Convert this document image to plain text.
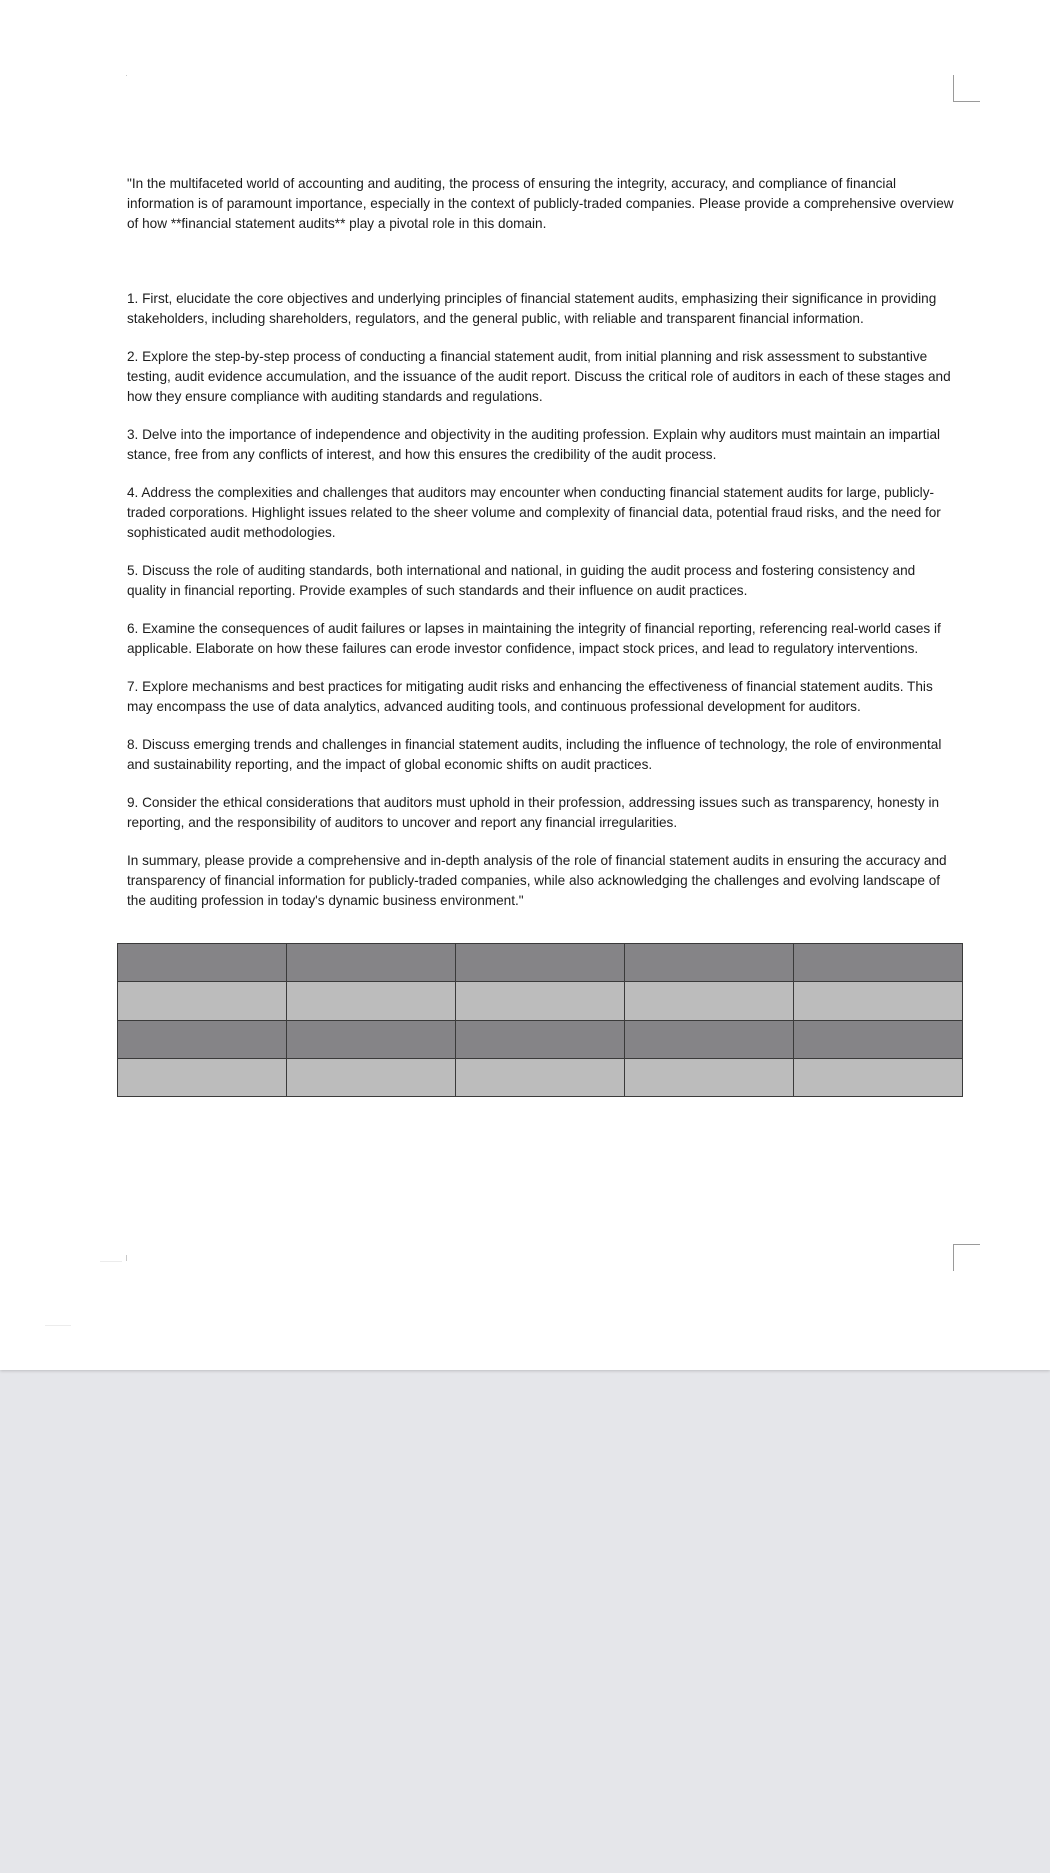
"In the multifaceted world of accounting and auditing, the process of ensuring the integrity, accuracy, and compliance of financial information is of paramount importance, especially in the context of publicly-traded companies. Please provide a comprehensive overview of how **financial statement audits** play a pivotal role in this domain.

1. First, elucidate the core objectives and underlying principles of financial statement audits, emphasizing their significance in providing stakeholders, including shareholders, regulators, and the general public, with reliable and transparent financial information.

2. Explore the step-by-step process of conducting a financial statement audit, from initial planning and risk assessment to substantive testing, audit evidence accumulation, and the issuance of the audit report. Discuss the critical role of auditors in each of these stages and how they ensure compliance with auditing standards and regulations.

3. Delve into the importance of independence and objectivity in the auditing profession. Explain why auditors must maintain an impartial stance, free from any conflicts of interest, and how this ensures the credibility of the audit process.

4. Address the complexities and challenges that auditors may encounter when conducting financial statement audits for large, publicly-traded corporations. Highlight issues related to the sheer volume and complexity of financial data, potential fraud risks, and the need for sophisticated audit methodologies.

5. Discuss the role of auditing standards, both international and national, in guiding the audit process and fostering consistency and quality in financial reporting. Provide examples of such standards and their influence on audit practices.

6. Examine the consequences of audit failures or lapses in maintaining the integrity of financial reporting, referencing real-world cases if applicable. Elaborate on how these failures can erode investor confidence, impact stock prices, and lead to regulatory interventions.

7. Explore mechanisms and best practices for mitigating audit risks and enhancing the effectiveness of financial statement audits. This may encompass the use of data analytics, advanced auditing tools, and continuous professional development for auditors.

8. Discuss emerging trends and challenges in financial statement audits, including the influence of technology, the role of environmental and sustainability reporting, and the impact of global economic shifts on audit practices.

9. Consider the ethical considerations that auditors must uphold in their profession, addressing issues such as transparency, honesty in reporting, and the responsibility of auditors to uncover and report any financial irregularities.

In summary, please provide a comprehensive and in-depth analysis of the role of financial statement audits in ensuring the accuracy and transparency of financial information for publicly-traded companies, while also acknowledging the challenges and evolving landscape of the auditing profession in today's dynamic business environment."
